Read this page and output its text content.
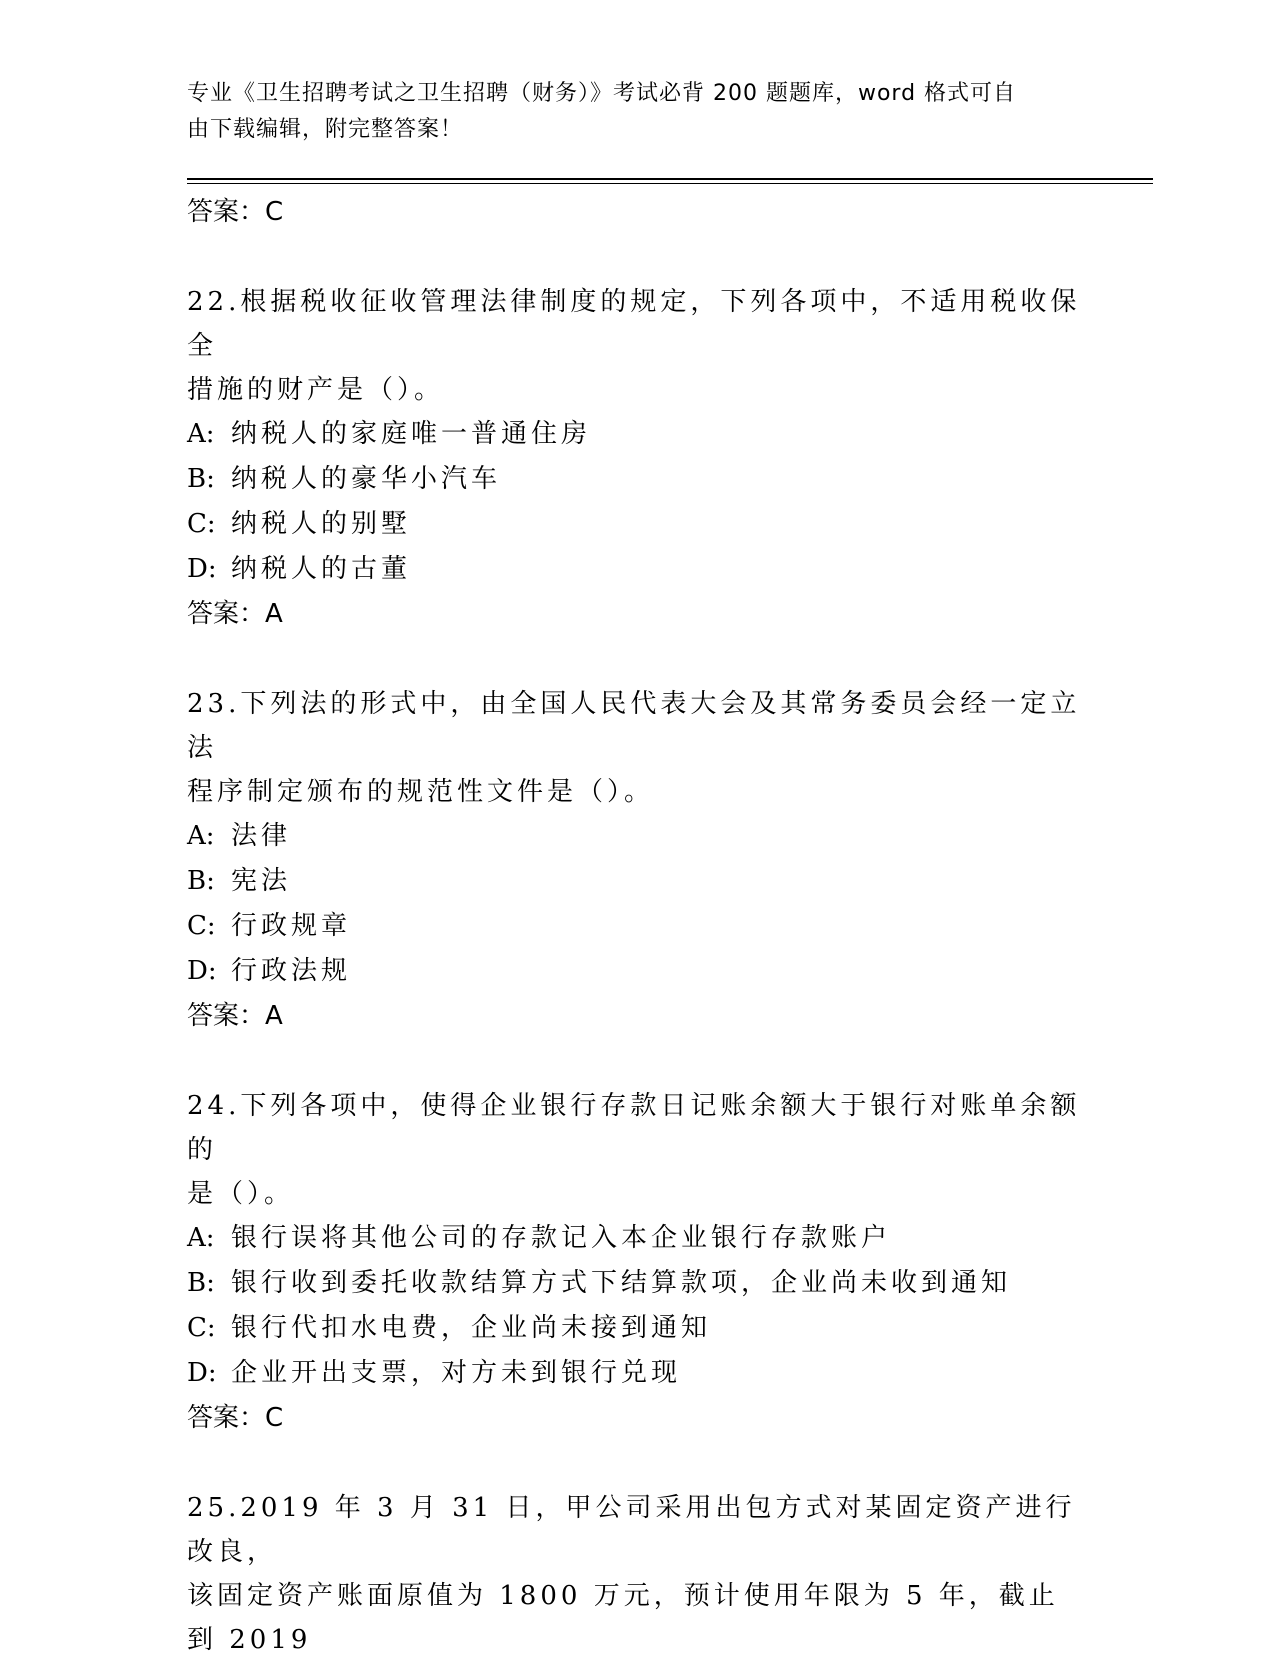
专业《卫生招聘考试之卫生招聘（财务）》考试必背 200 题题库，word 格式可自
由下载编辑，附完整答案！
答案：C
22.根据税收征收管理法律制度的规定，下列各项中，不适用税收保全
措施的财产是（）。
A: 纳税人的家庭唯一普通住房
B: 纳税人的豪华小汽车
C: 纳税人的别墅
D: 纳税人的古董
答案：A
23.下列法的形式中，由全国人民代表大会及其常务委员会经一定立法
程序制定颁布的规范性文件是（）。
A: 法律
B: 宪法
C: 行政规章
D: 行政法规
答案：A
24.下列各项中，使得企业银行存款日记账余额大于银行对账单余额的
是（）。
A: 银行误将其他公司的存款记入本企业银行存款账户
B: 银行收到委托收款结算方式下结算款项，企业尚未收到通知
C: 银行代扣水电费，企业尚未接到通知
D: 企业开出支票，对方未到银行兑现
答案：C
25.2019 年 3 月 31 日，甲公司采用出包方式对某固定资产进行改良，
该固定资产账面原值为 1800 万元，预计使用年限为 5 年，截止到 2019
